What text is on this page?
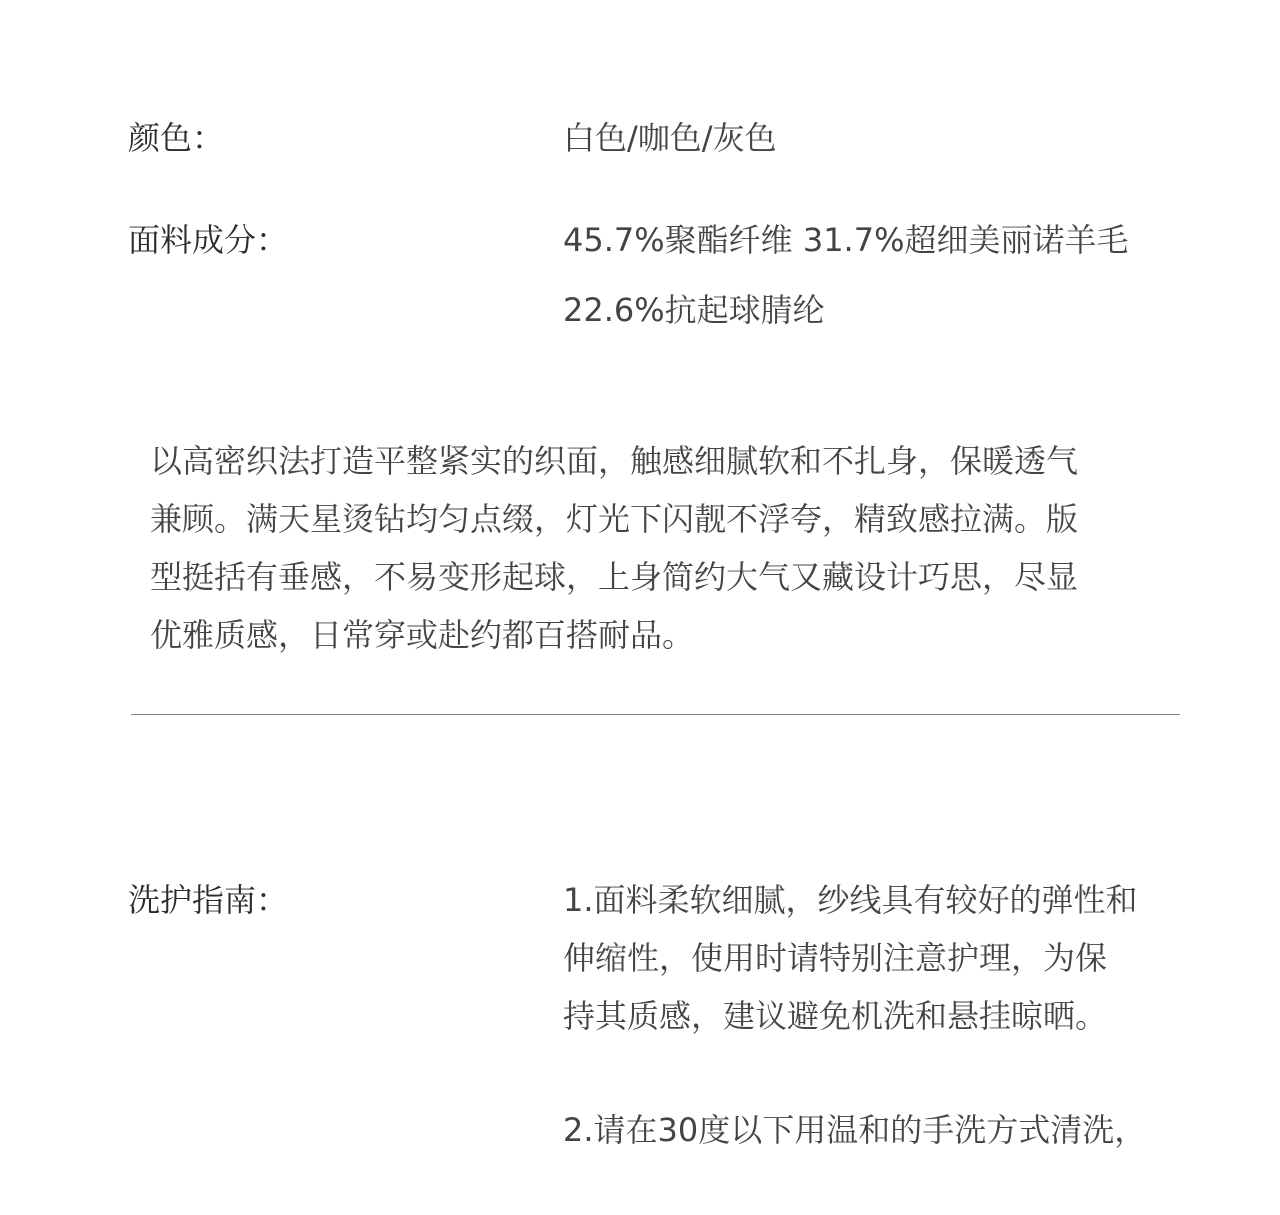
颜色：	白色/咖色/灰色
面料成分：	45.7%聚酯纤维 31.7%超细美丽诺羊毛
22.6%抗起球腈纶
以高密织法打造平整紧实的织面，触感细腻软和不扎身，保暖透气
兼顾。满天星烫钻均匀点缀，灯光下闪靓不浮夸，精致感拉满。版
型挺括有垂感，不易变形起球，上身简约大气又藏设计巧思，尽显
优雅质感，日常穿或赴约都百搭耐品。
洗护指南：	1.面料柔软细腻，纱线具有较好的弹性和
伸缩性，使用时请特别注意护理，为保
持其质感，建议避免机洗和悬挂晾晒。
2.请在30度以下用温和的手洗方式清洗，
